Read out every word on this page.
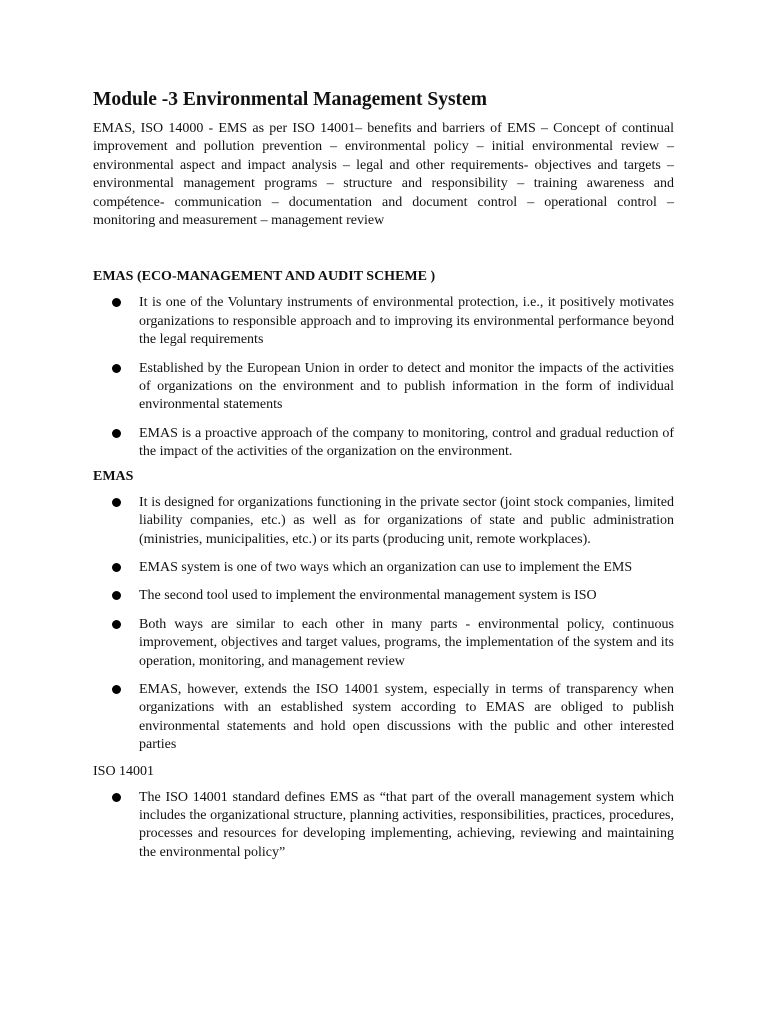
Module -3 Environmental Management System

EMAS, ISO 14000 - EMS as per ISO 14001– benefits and barriers of EMS – Concept of continual improvement and pollution prevention – environmental policy – initial environmental review – environmental aspect and impact analysis – legal and other requirements- objectives and targets – environmental management programs – structure and responsibility – training awareness and compétence- communication – documentation and document control – operational control – monitoring and measurement – management review

EMAS (ECO-MANAGEMENT AND AUDIT SCHEME )
It is one of the Voluntary instruments of environmental protection, i.e., it positively motivates organizations to responsible approach and to improving its environmental performance beyond the legal requirements
Established by the European Union in order to detect and monitor the impacts of the activities of organizations on the environment and to publish information in the form of individual environmental statements
EMAS is a proactive approach of the company to monitoring, control and gradual reduction of the impact of the activities of the organization on the environment.
EMAS
It is designed for organizations functioning in the private sector (joint stock companies, limited liability companies, etc.) as well as for organizations of state and public administration (ministries, municipalities, etc.) or its parts (producing unit, remote workplaces).
EMAS system is one of two ways which an organization can use to implement the EMS
The second tool used to implement the environmental management system is ISO
Both ways are similar to each other in many parts - environmental policy, continuous improvement, objectives and target values, programs, the implementation of the system and its operation, monitoring, and management review
EMAS, however, extends the ISO 14001 system, especially in terms of transparency when organizations with an established system according to EMAS are obliged to publish environmental statements and hold open discussions with the public and other interested parties
ISO 14001
The ISO 14001 standard defines EMS as “that part of the overall management system which includes the organizational structure, planning activities, responsibilities, practices, procedures, processes and resources for developing implementing, achieving, reviewing and maintaining the environmental policy”
